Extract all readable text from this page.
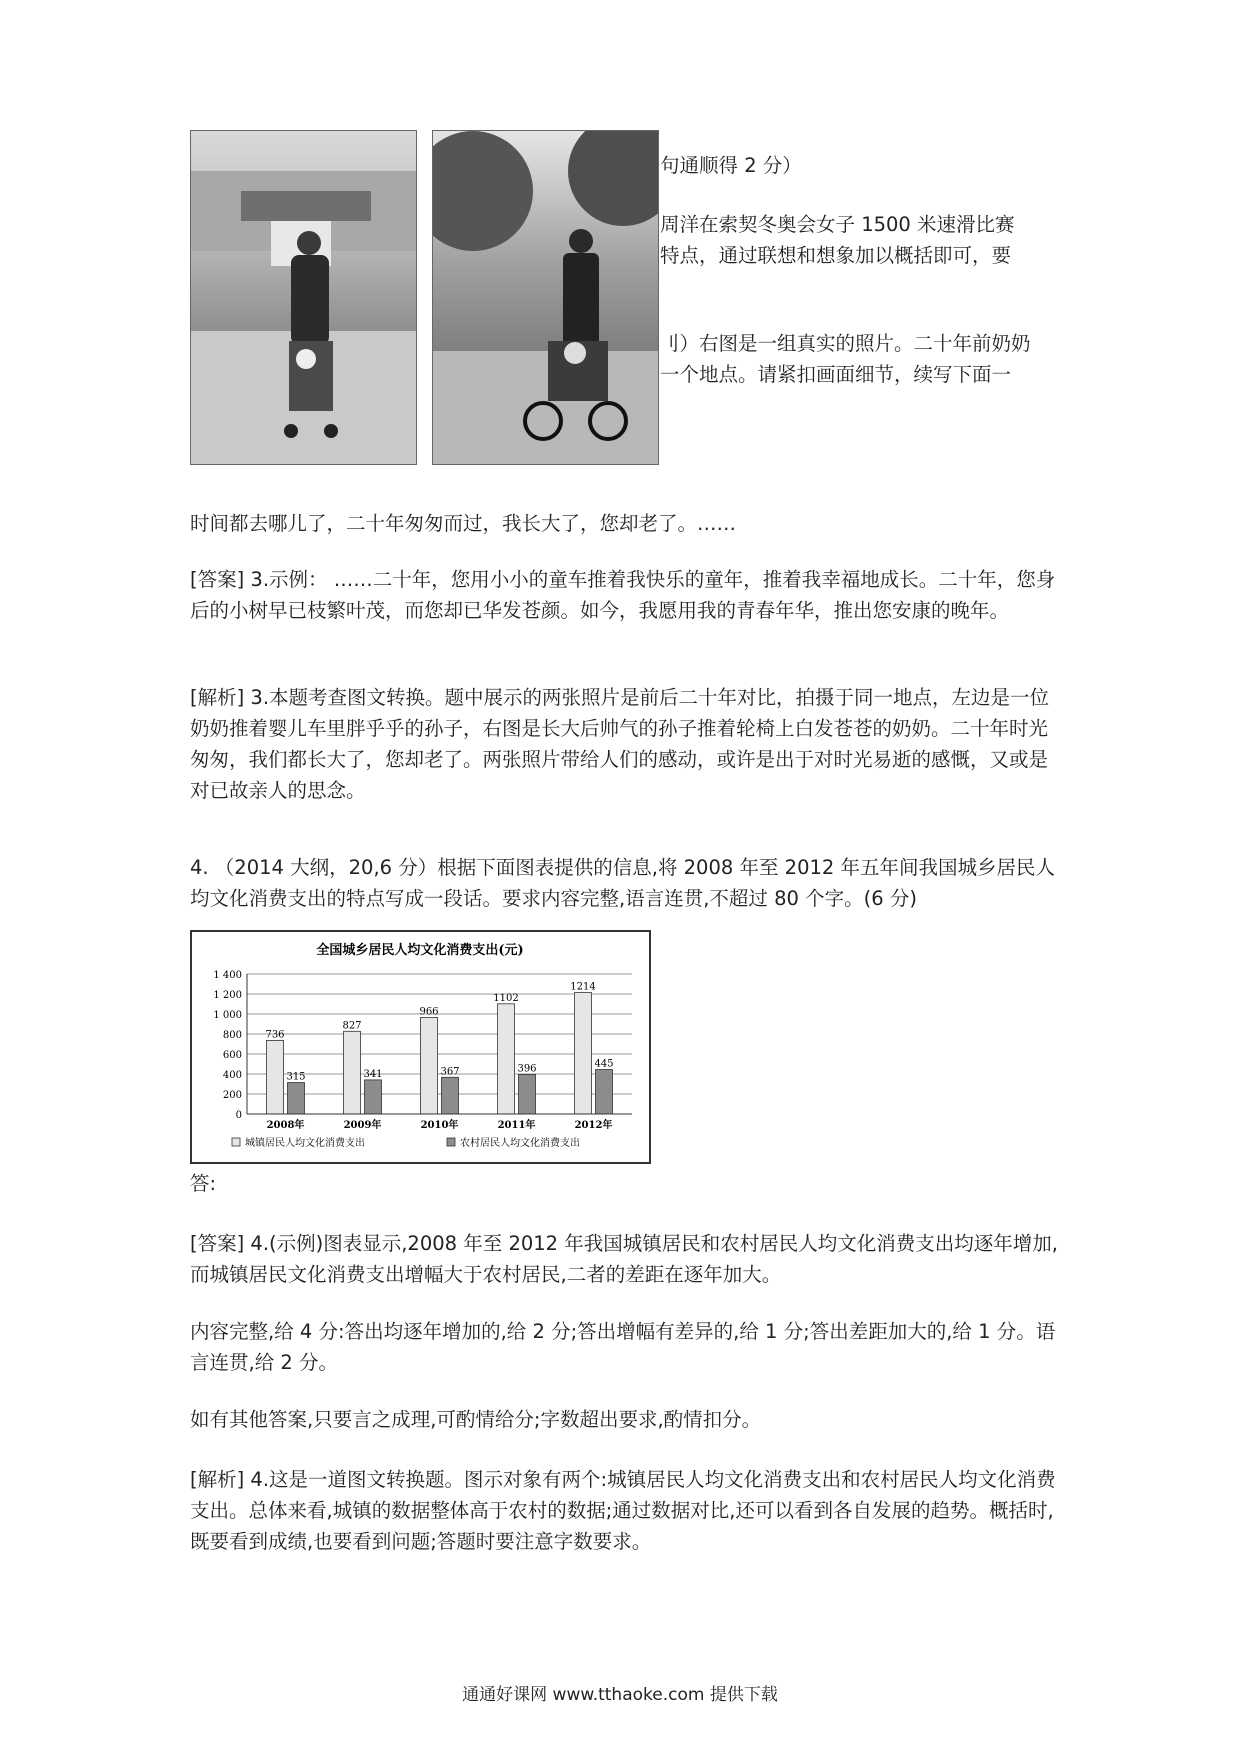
句通顺得 2 分）
周洋在索契冬奥会女子 1500 米速滑比赛
特点，通过联想和想象加以概括即可，要
刂）右图是一组真实的照片。二十年前奶奶
一个地点。请紧扣画面细节，续写下面一

时间都去哪儿了，二十年匆匆而过，我长大了，您却老了。……

[答案] 3.示例： ……二十年，您用小小的童车推着我快乐的童年，推着我幸福地成长。二十年，您身后的小树早已枝繁叶茂，而您却已华发苍颜。如今，我愿用我的青春年华，推出您安康的晚年。

[解析] 3.本题考查图文转换。题中展示的两张照片是前后二十年对比，拍摄于同一地点，左边是一位奶奶推着婴儿车里胖乎乎的孙子，右图是长大后帅气的孙子推着轮椅上白发苍苍的奶奶。二十年时光匆匆，我们都长大了，您却老了。两张照片带给人们的感动，或许是出于对时光易逝的感慨，又或是对已故亲人的思念。

4. （2014 大纲，20,6 分）根据下面图表提供的信息,将 2008 年至 2012 年五年间我国城乡居民人均文化消费支出的特点写成一段话。要求内容完整,语言连贯,不超过 80 个字。(6 分)

全国城乡居民人均文化消费支出(元)
736
315
827
341
966
367
1102
396
1214
445
0
200
400
600
800
1 000
1 200
1 400
2008年	2009年	2010年	2011年	2012年
城镇居民人均文化消费支出	农村居民人均文化消费支出

答:

[答案] 4.(示例)图表显示,2008 年至 2012 年我国城镇居民和农村居民人均文化消费支出均逐年增加,而城镇居民文化消费支出增幅大于农村居民,二者的差距在逐年加大。

内容完整,给 4 分:答出均逐年增加的,给 2 分;答出增幅有差异的,给 1 分;答出差距加大的,给 1 分。语言连贯,给 2 分。

如有其他答案,只要言之成理,可酌情给分;字数超出要求,酌情扣分。

[解析] 4.这是一道图文转换题。图示对象有两个:城镇居民人均文化消费支出和农村居民人均文化消费支出。总体来看,城镇的数据整体高于农村的数据;通过数据对比,还可以看到各自发展的趋势。概括时,既要看到成绩,也要看到问题;答题时要注意字数要求。

通通好课网 www.tthaoke.com 提供下载
